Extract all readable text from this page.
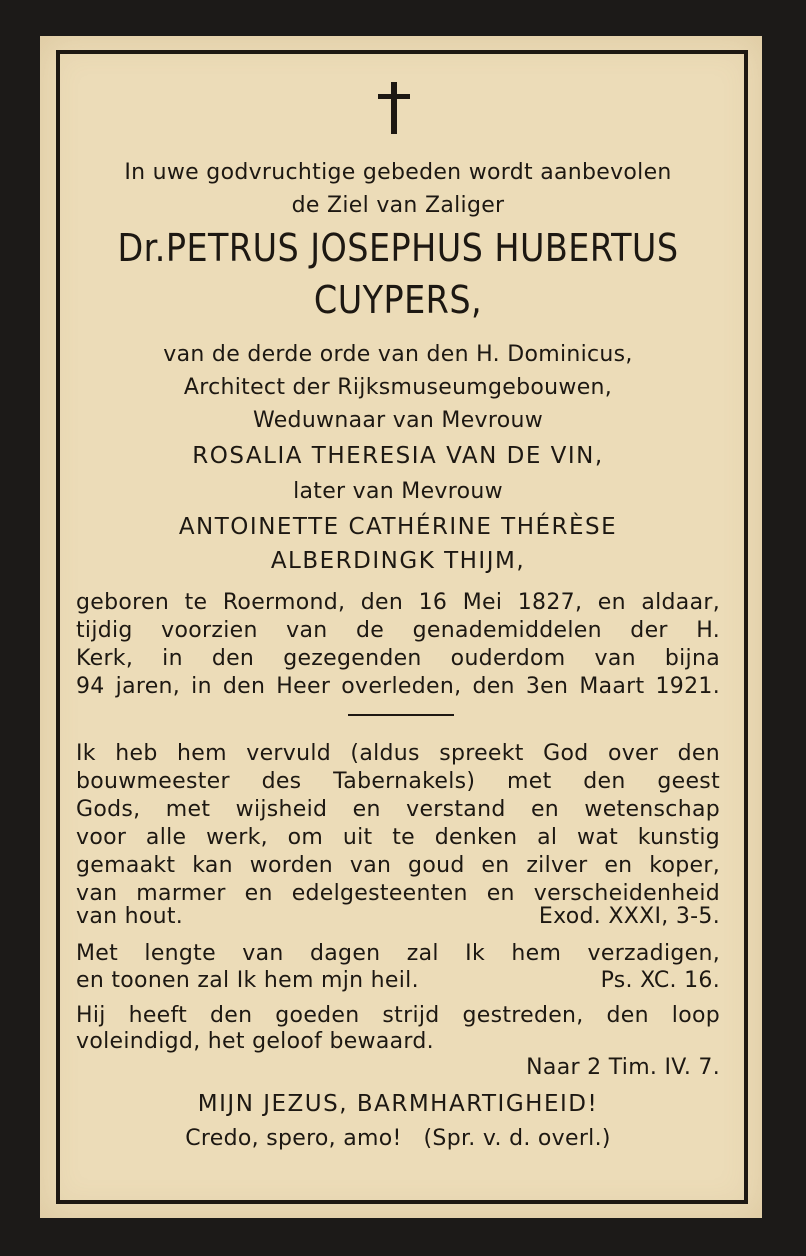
In uwe godvruchtige gebeden wordt aanbevolen
de Ziel van Zaliger
Dr.PETRUS JOSEPHUS HUBERTUS
CUYPERS,
van de derde orde van den H. Dominicus,
Architect der Rijksmuseumgebouwen,
Weduwnaar van Mevrouw
ROSALIA THERESIA VAN DE VIN,
later van Mevrouw
ANTOINETTE CATHÉRINE THÉRÈSE
ALBERDINGK THIJM,
geboren te Roermond, den 16 Mei 1827, en aldaar,
tijdig voorzien van de genademiddelen der H.
Kerk, in den gezegenden ouderdom van bijna
94 jaren, in den Heer overleden, den 3en Maart 1921.
Ik heb hem vervuld (aldus spreekt God over den
bouwmeester des Tabernakels) met den geest
Gods, met wijsheid en verstand en wetenschap
voor alle werk, om uit te denken al wat kunstig
gemaakt kan worden van goud en zilver en koper,
van marmer en edelgesteenten en verscheidenheid
van hout.	Exod. XXXI, 3-5.
Met lengte van dagen zal Ik hem verzadigen,
en toonen zal Ik hem mjn heil.	Ps. XC. 16.
Hij heeft den goeden strijd gestreden, den loop
voleindigd, het geloof bewaard.
Naar 2 Tim. IV. 7.
MIJN JEZUS, BARMHARTIGHEID!
Credo, spero, amo!   (Spr. v. d. overl.)
